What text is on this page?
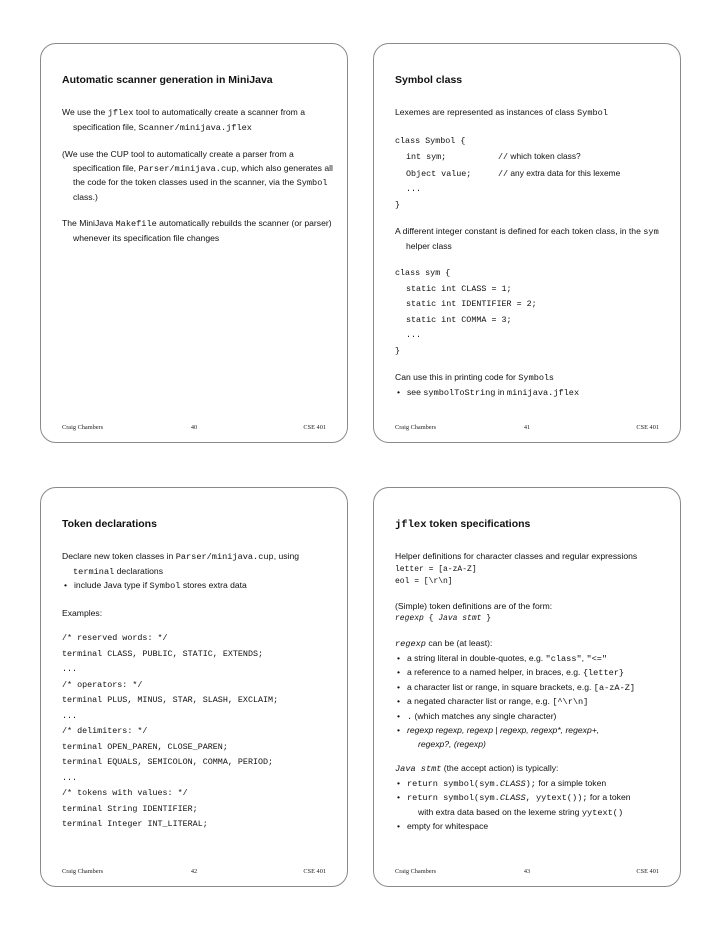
Automatic scanner generation in MiniJava

We use the jflex tool to automatically create a scanner from a specification file, Scanner/minijava.jflex

(We use the CUP tool to automatically create a parser from a specification file, Parser/minijava.cup, which also generates all the code for the token classes used in the scanner, via the Symbol class.)

The MiniJava Makefile automatically rebuilds the scanner (or parser) whenever its specification file changes

Craig Chambers	40	CSE 401
Symbol class

Lexemes are represented as instances of class Symbol

class Symbol {
int sym;	// which token class?
Object value;	// any extra data for this lexeme
...
}

A different integer constant is defined for each token class, in the sym helper class

class sym {
static int CLASS = 1;
static int IDENTIFIER = 2;
static int COMMA = 3;
...
}

Can use this in printing code for Symbols

• see symbolToString in minijava.jflex
Craig Chambers	41	CSE 401
Token declarations

Declare new token classes in Parser/minijava.cup, using terminal declarations

• include Java type if Symbol stores extra data

Examples:

/* reserved words: */
terminal CLASS, PUBLIC, STATIC, EXTENDS;
...
/* operators: */
terminal PLUS, MINUS, STAR, SLASH, EXCLAIM;
...
/* delimiters: */
terminal OPEN_PAREN, CLOSE_PAREN;
terminal EQUALS, SEMICOLON, COMMA, PERIOD;
...
/* tokens with values: */
terminal String IDENTIFIER;
terminal Integer INT_LITERAL;
Craig Chambers	42	CSE 401
jflex token specifications
Helper definitions for character classes and regular expressions
letter = [a-zA-Z]
eol = [\r\n]
(Simple) token definitions are of the form:
regexp { Java stmt }
regexp can be (at least):
• a string literal in double-quotes, e.g. "class", "<="
• a reference to a named helper, in braces, e.g. {letter}
• a character list or range, in square brackets, e.g. [a-zA-Z]
• a negated character list or range, e.g. [^\r\n]
• . (which matches any single character)
• regexp regexp, regexp | regexp, regexp*, regexp+,
regexp?, (regexp)
Java stmt (the accept action) is typically:
• return symbol(sym.CLASS); for a simple token
• return symbol(sym.CLASS, yytext()); for a token
with extra data based on the lexeme string yytext()
• empty for whitespace
Craig Chambers	43	CSE 401
